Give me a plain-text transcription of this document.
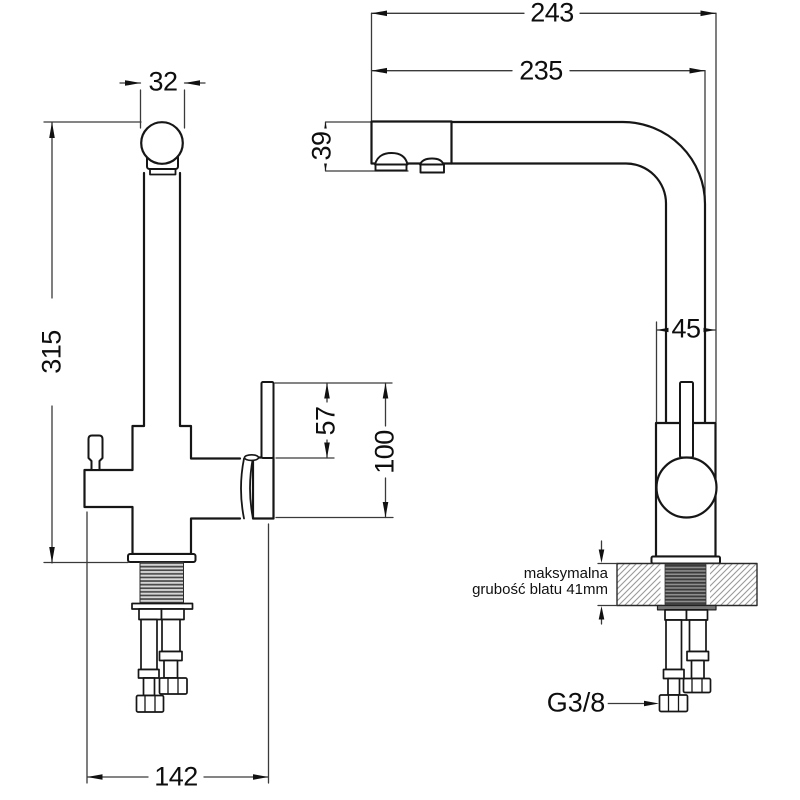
32
315
142
243
235
39
45
57
100
G3/8
maksymalna
grubość blatu 41mm
